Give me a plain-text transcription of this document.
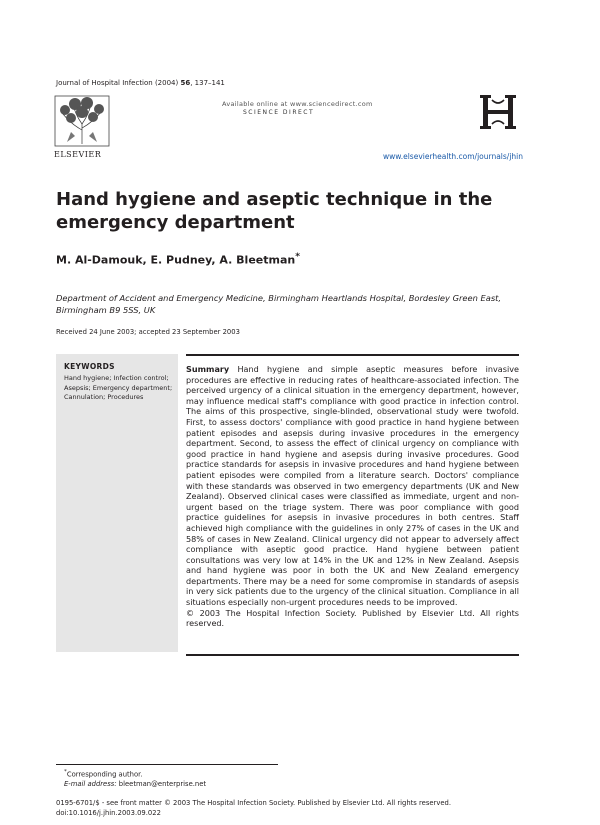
Journal of Hospital Infection (2004) 56, 137–141
ELSEVIER
Available online at www.sciencedirect.com
SCIENCE DIRECT
www.elsevierhealth.com/journals/jhin
Hand hygiene and aseptic technique in the emergency department
M. Al-Damouk, E. Pudney, A. Bleetman*
Department of Accident and Emergency Medicine, Birmingham Heartlands Hospital, Bordesley Green East, Birmingham B9 5SS, UK
Received 24 June 2003; accepted 23 September 2003
KEYWORDS
Hand hygiene; Infection control; Asepsis; Emergency department; Cannulation; Procedures
Summary Hand hygiene and simple aseptic measures before invasive procedures are effective in reducing rates of healthcare-associated infection. The perceived urgency of a clinical situation in the emergency department, however, may influence medical staff's compliance with good practice in infection control. The aims of this prospective, single-blinded, observational study were twofold. First, to assess doctors' compliance with good practice in hand hygiene between patient episodes and asepsis during invasive procedures in the emergency department. Second, to assess the effect of clinical urgency on compliance with good practice in hand hygiene and asepsis during invasive procedures. Good practice standards for asepsis in invasive procedures and hand hygiene between patient episodes were compiled from a literature search. Doctors' compliance with these standards was observed in two emergency departments (UK and New Zealand). Observed clinical cases were classified as immediate, urgent and non-urgent based on the triage system. There was poor compliance with good practice guidelines for asepsis in invasive procedures in both centres. Staff achieved high compliance with the guidelines in only 27% of cases in the UK and 58% of cases in New Zealand. Clinical urgency did not appear to adversely affect compliance with aseptic good practice. Hand hygiene between patient consultations was very low at 14% in the UK and 12% in New Zealand. Asepsis and hand hygiene was poor in both the UK and New Zealand emergency departments. There may be a need for some compromise in standards of asepsis in very sick patients due to the urgency of the clinical situation. Compliance in all situations especially non-urgent procedures needs to be improved.
© 2003 The Hospital Infection Society. Published by Elsevier Ltd. All rights reserved.
*Corresponding author.
E-mail address: bleetman@enterprise.net
0195-6701/$ - see front matter © 2003 The Hospital Infection Society. Published by Elsevier Ltd. All rights reserved.
doi:10.1016/j.jhin.2003.09.022
